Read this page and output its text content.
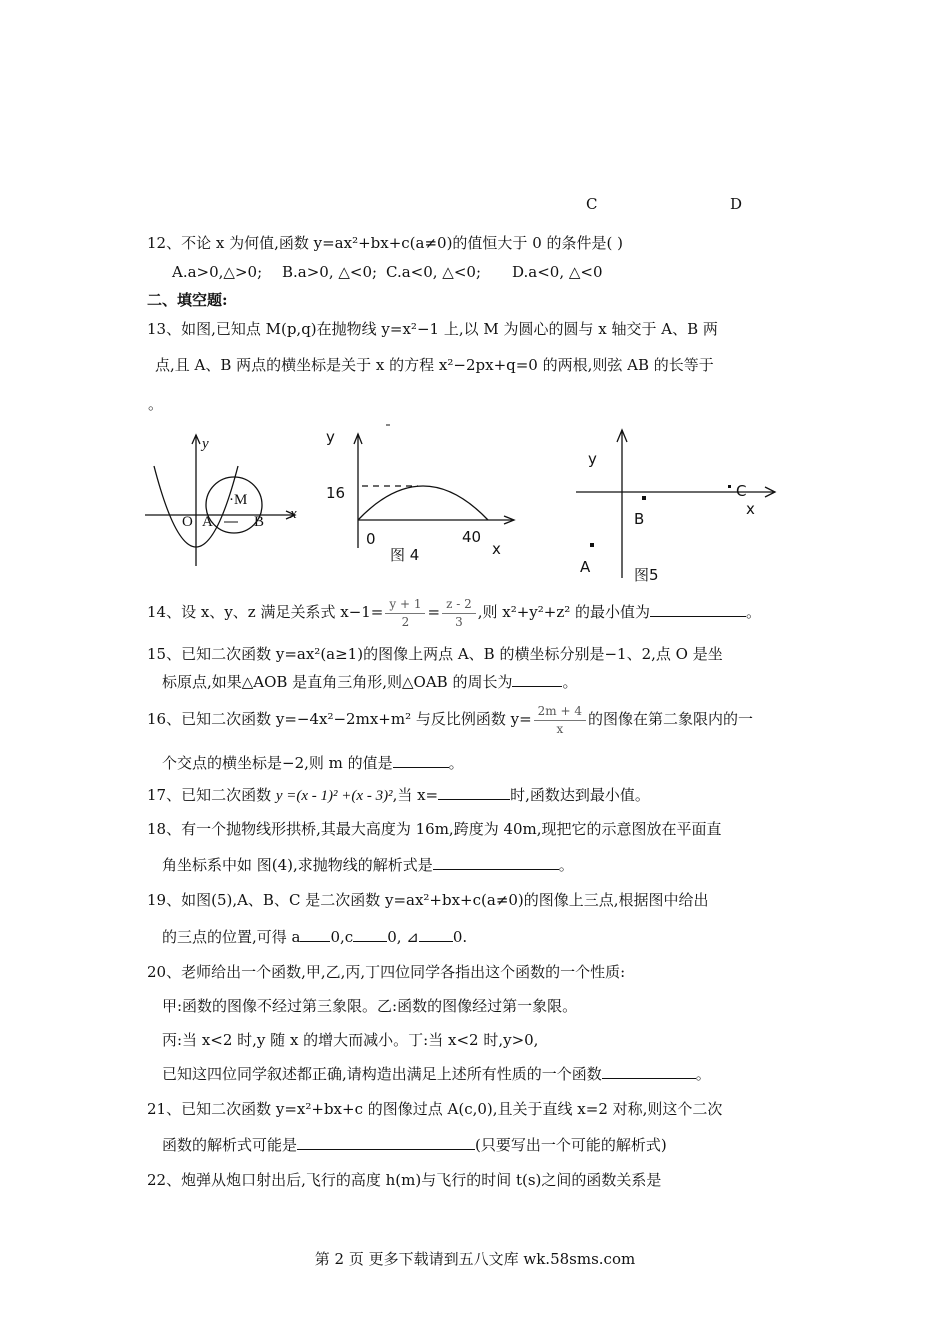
C	D
12、不论 x 为何值,函数 y=ax²+bx+c(a≠0)的值恒大于 0 的条件是( )
A.a>0,△>0; B.a>0, △<0; C.a<0, △<0; D.a<0, △<0
二、填空题:
13、如图,已知点 M(p,q)在抛物线 y=x²−1 上,以 M 为圆心的圆与 x 轴交于 A、B 两
点,且 A、B 两点的横坐标是关于 x 的方程 x²−2px+q=0 的两根,则弦 AB 的长等于
。
y
x
·M
O A	B
y
16
0
图 4
40
x
y
C
x
B
A	图5
14、设 x、y、z 满足关系式 $x-1= \frac{y + 1}{2} = \frac{z - 2}{3}$ ,则 x²+y²+z² 的最小值为	。
15、已知二次函数 y=ax²(a≥1)的图像上两点 A、B 的横坐标分别是−1、2,点 O 是坐
标原点,如果△AOB 是直角三角形,则△OAB 的周长为	。
16、已知二次函数 y=−4x²−2mx+m² 与反比例函数 $y= \frac{2m + 4}{x}$ 的图像在第二象限内的一
个交点的横坐标是−2,则 m 的值是	。
17、已知二次函数 y =(x - 1)² +(x - 3)²,当 x=	时,函数达到最小值。
18、有一个抛物线形拱桥,其最大高度为 16m,跨度为 40m,现把它的示意图放在平面直
角坐标系中如 图(4),求抛物线的解析式是	。
19、如图(5),A、B、C 是二次函数 y=ax²+bx+c(a≠0)的图像上三点,根据图中给出
的三点的位置,可得 a 0,c 0, ⊿ 0.
20、老师给出一个函数,甲,乙,丙,丁四位同学各指出这个函数的一个性质:
甲:函数的图像不经过第三象限。乙:函数的图像经过第一象限。
丙:当 x<2 时,y 随 x 的增大而减小。丁:当 x<2 时,y>0,
已知这四位同学叙述都正确,请构造出满足上述所有性质的一个函数	。
21、已知二次函数 y=x²+bx+c 的图像过点 A(c,0),且关于直线 x=2 对称,则这个二次
函数的解析式可能是	(只要写出一个可能的解析式)
22、炮弹从炮口射出后,飞行的高度 h(m)与飞行的时间 t(s)之间的函数关系是
第 2 页 更多下载请到五八文库 wk.58sms.com
